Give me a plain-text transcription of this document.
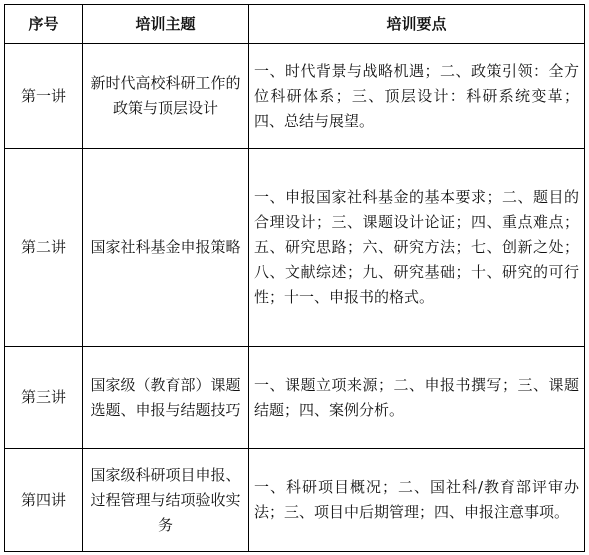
序号	培训主题	培训要点
第一讲	新时代高校科研工作的政策与顶层设计	一、时代背景与战略机遇；二、政策引领：全方位科研体系；三、顶层设计：科研系统变革；四、总结与展望。
第二讲	国家社科基金申报策略	一、申报国家社科基金的基本要求；二、题目的合理设计；三、课题设计论证；四、重点难点；五、研究思路；六、研究方法；七、创新之处；八、文献综述；九、研究基础；十、研究的可行性；十一、申报书的格式。
第三讲	国家级（教育部）课题选题、申报与结题技巧	一、课题立项来源；二、申报书撰写；三、课题结题；四、案例分析。
第四讲	国家级科研项目申报、过程管理与结项验收实务	一、科研项目概况；二、国社科/教育部评审办法；三、项目中后期管理；四、申报注意事项。
